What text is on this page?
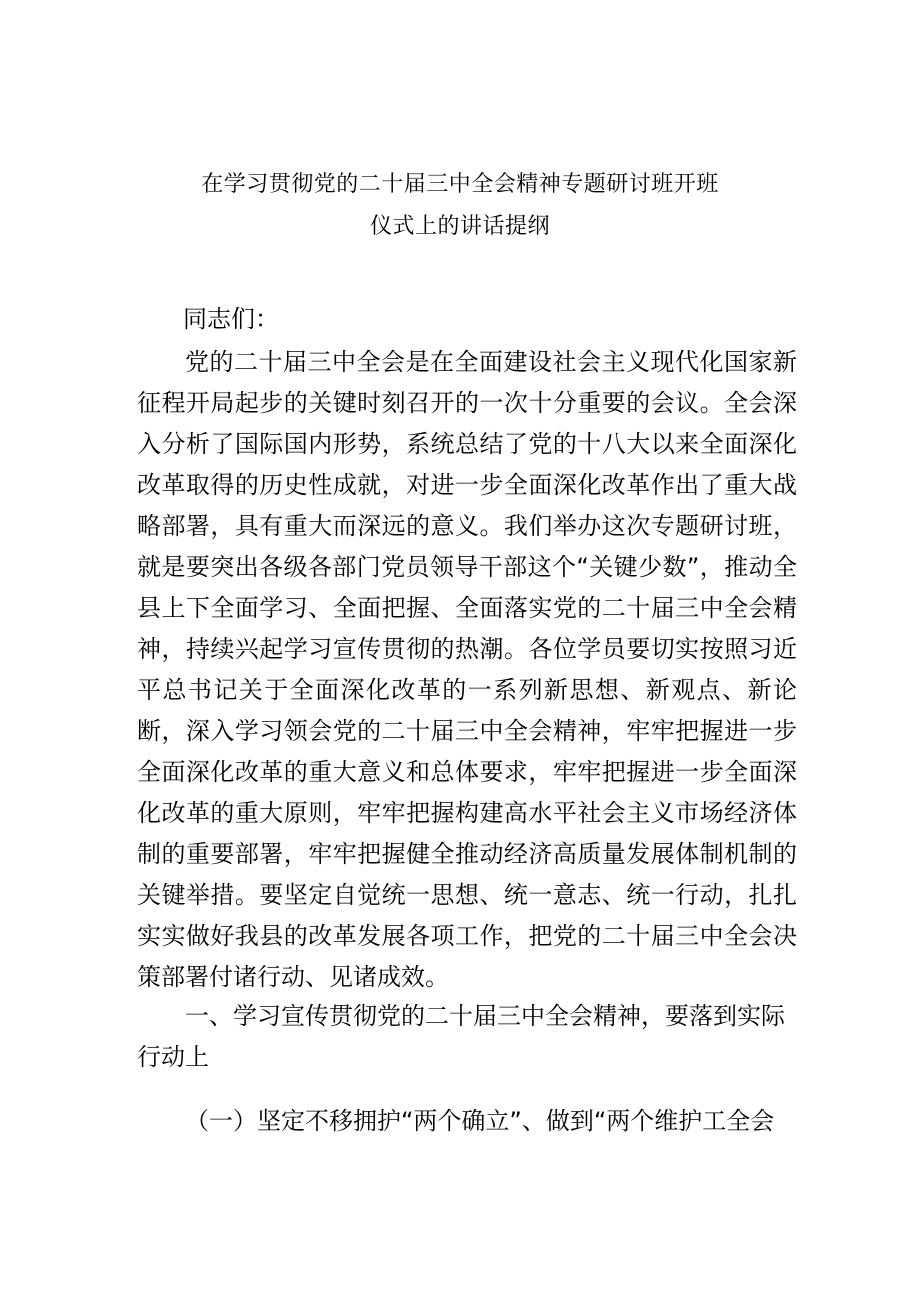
在学习贯彻党的二十届三中全会精神专题研讨班开班
仪式上的讲话提纲
同志们：
党的二十届三中全会是在全面建设社会主义现代化国家新征程开局起步的关键时刻召开的一次十分重要的会议。全会深入分析了国际国内形势，系统总结了党的十八大以来全面深化改革取得的历史性成就，对进一步全面深化改革作出了重大战略部署，具有重大而深远的意义。我们举办这次专题研讨班，就是要突出各级各部门党员领导干部这个“关键少数”，推动全县上下全面学习、全面把握、全面落实党的二十届三中全会精神，持续兴起学习宣传贯彻的热潮。各位学员要切实按照习近平总书记关于全面深化改革的一系列新思想、新观点、新论断，深入学习领会党的二十届三中全会精神，牢牢把握进一步全面深化改革的重大意义和总体要求，牢牢把握进一步全面深化改革的重大原则，牢牢把握构建高水平社会主义市场经济体制的重要部署，牢牢把握健全推动经济高质量发展体制机制的关键举措。要坚定自觉统一思想、统一意志、统一行动，扎扎实实做好我县的改革发展各项工作，把党的二十届三中全会决策部署付诸行动、见诸成效。
一、学习宣传贯彻党的二十届三中全会精神，要落到实际行动上
（一）坚定不移拥护“两个确立”、做到“两个维护工全会
